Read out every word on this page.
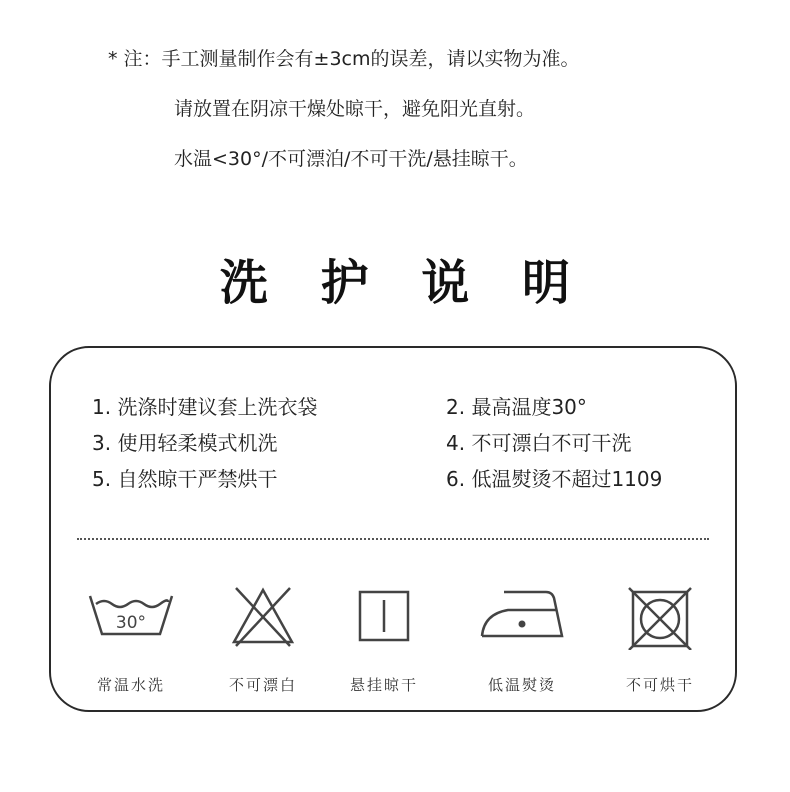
* 注：手工测量制作会有±3cm的误差，请以实物为准。
请放置在阴凉干燥处晾干，避免阳光直射。
水温<30°/不可漂泊/不可干洗/悬挂晾干。
洗 护 说 明
1. 洗涤时建议套上洗衣袋	2. 最高温度30°
3. 使用轻柔模式机洗	4. 不可漂白不可干洗
5. 自然晾干严禁烘干	6. 低温熨烫不超过1109
30°
常温水洗	不可漂白	悬挂晾干	低温熨烫	不可烘干
